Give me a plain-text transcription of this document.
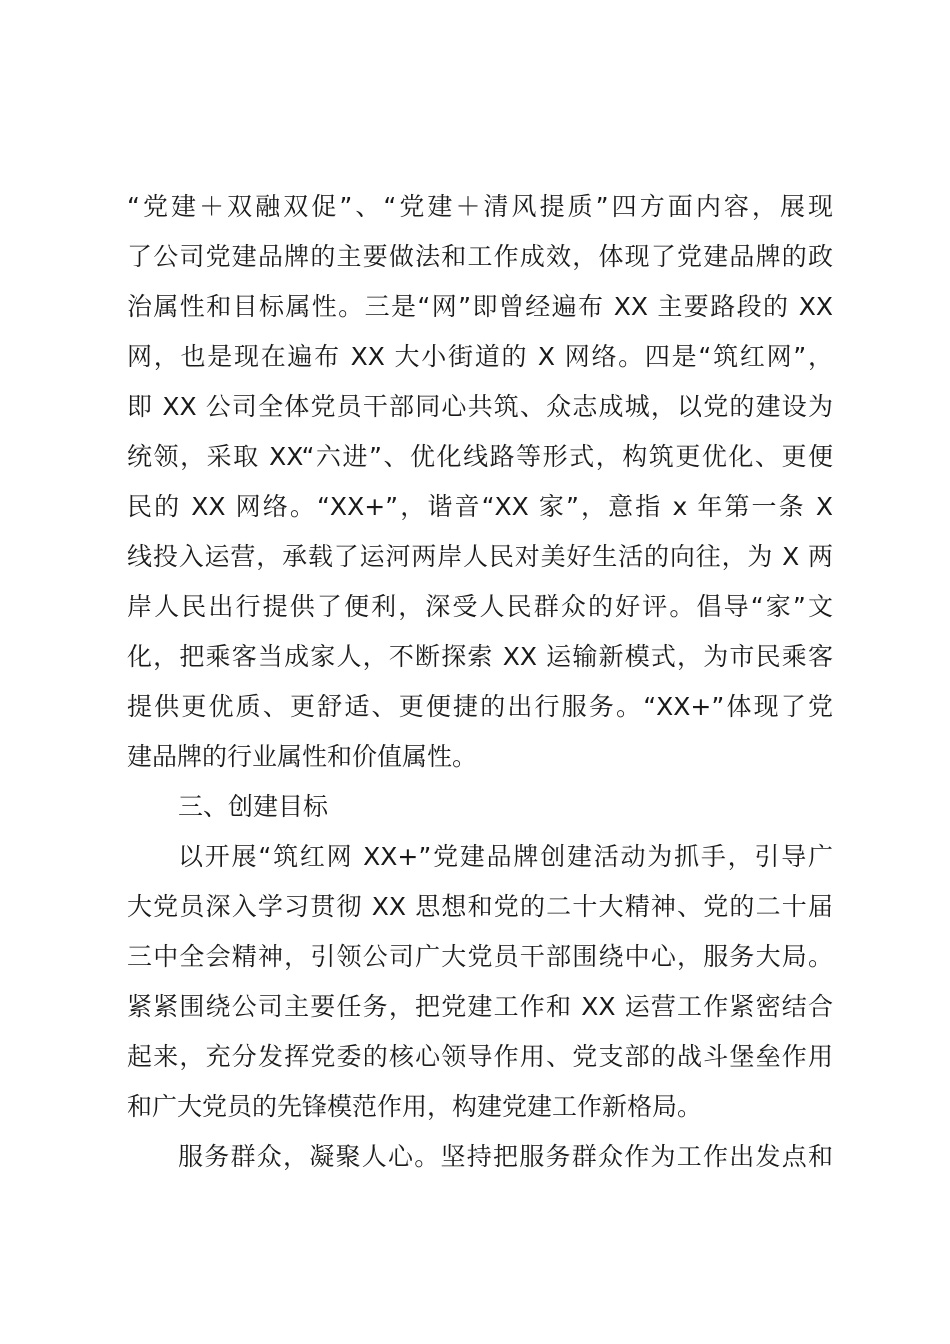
“党建＋双融双促”、“党建＋清风提质”四方面内容，展现
了公司党建品牌的主要做法和工作成效，体现了党建品牌的政
治属性和目标属性。三是“网”即曾经遍布 XX 主要路段的 XX
网，也是现在遍布 XX 大小街道的 X 网络。四是“筑红网”，
即 XX 公司全体党员干部同心共筑、众志成城，以党的建设为
统领，采取 XX“六进”、优化线路等形式，构筑更优化、更便
民的 XX 网络。“XX+”，谐音“XX 家”，意指 x 年第一条 X
线投入运营，承载了运河两岸人民对美好生活的向往，为 X 两
岸人民出行提供了便利，深受人民群众的好评。倡导“家”文
化，把乘客当成家人，不断探索 XX 运输新模式，为市民乘客
提供更优质、更舒适、更便捷的出行服务。“XX+”体现了党
建品牌的行业属性和价值属性。
三、创建目标
以开展“筑红网 XX+”党建品牌创建活动为抓手，引导广
大党员深入学习贯彻 XX 思想和党的二十大精神、党的二十届
三中全会精神，引领公司广大党员干部围绕中心，服务大局。
紧紧围绕公司主要任务，把党建工作和 XX 运营工作紧密结合
起来，充分发挥党委的核心领导作用、党支部的战斗堡垒作用
和广大党员的先锋模范作用，构建党建工作新格局。
服务群众，凝聚人心。坚持把服务群众作为工作出发点和
